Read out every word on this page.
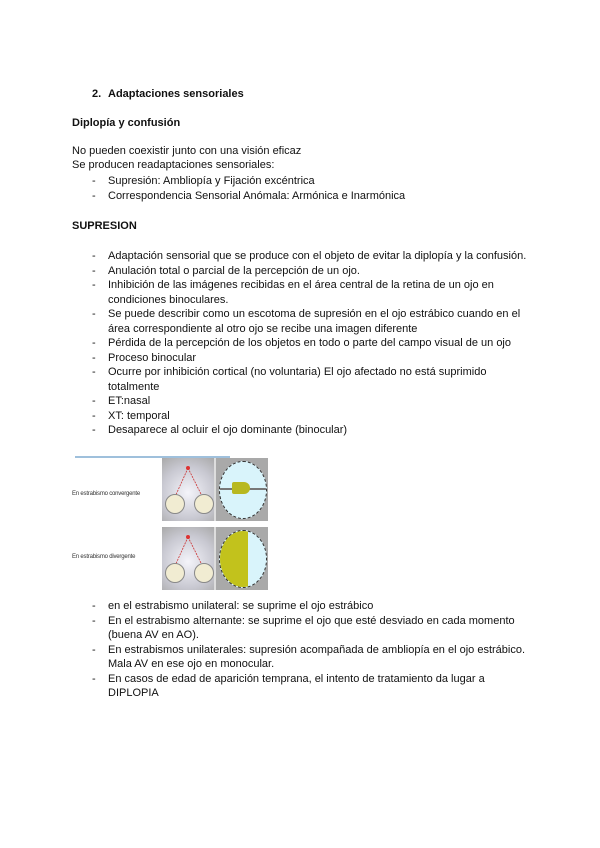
2. Adaptaciones sensoriales
Diplopía y confusión
No pueden coexistir junto con una visión eficaz
Se producen readaptaciones sensoriales:
- Supresión: Ambliopía y Fijación excéntrica
- Correspondencia Sensorial Anómala: Armónica e Inarmónica
SUPRESION
- Adaptación sensorial que se produce con el objeto de evitar la diplopía y la confusión.
- Anulación total o parcial de la percepción de un ojo.
- Inhibición de las imágenes recibidas en el área central de la retina de un ojo en condiciones binoculares.
- Se puede describir como un escotoma de supresión en el ojo estrábico cuando en el área correspondiente al otro ojo se recibe una imagen diferente
- Pérdida de la percepción de los objetos en todo o parte del campo visual de un ojo
- Proceso binocular
- Ocurre por inhibición cortical (no voluntaria) El ojo afectado no está suprimido totalmente
- ET:nasal
- XT: temporal
- Desaparece al ocluir el ojo dominante (binocular)
En estrabismo convergente
En estrabismo divergente
- en el estrabismo unilateral: se suprime el ojo estrábico
- En el estrabismo alternante: se suprime el ojo que esté desviado en cada momento (buena AV en AO).
- En estrabismos unilaterales: supresión acompañada de ambliopía en el ojo estrábico. Mala AV en ese ojo en monocular.
- En casos de edad de aparición temprana, el intento de tratamiento da lugar a DIPLOPIA
